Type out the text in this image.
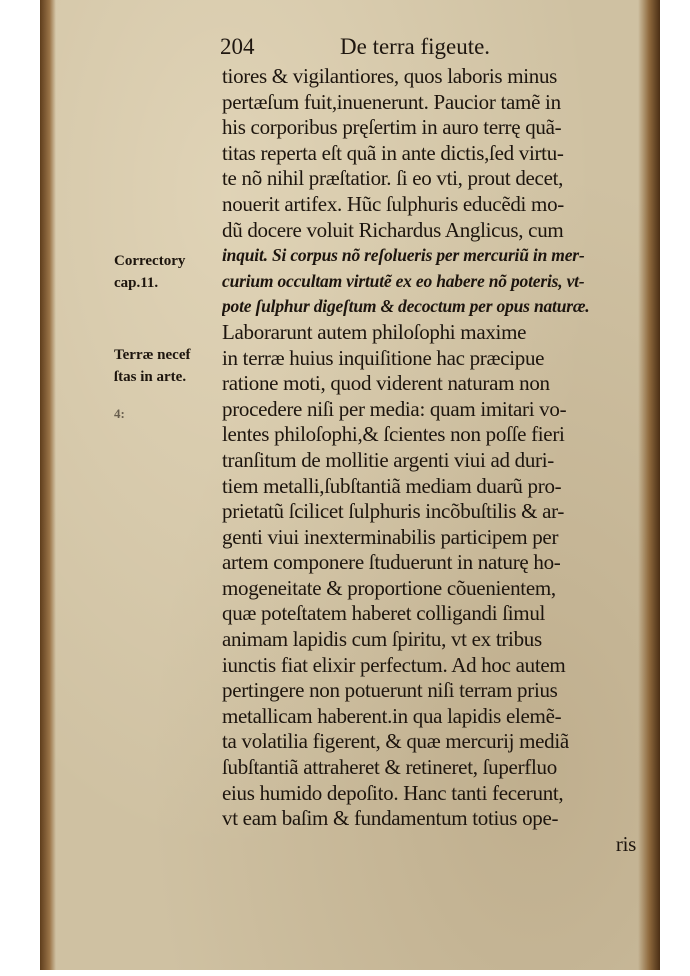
204	De terra figeute.
Correctory
cap.11.
Terræ necef
ſtas in arte.
4:
tiores & vigilantiores, quos laboris minus
pertæſum fuit,inuenerunt. Paucior tamẽ in
his corporibus pręſertim in auro terrę quã-
titas reperta eſt quã in ante dictis,ſed virtu-
te nõ nihil præſtatior. ſi eo vti, prout decet,
nouerit artifex. Hũc ſulphuris educẽdi mo-
dũ docere voluit Richardus Anglicus, cum
inquit. Si corpus nõ reſolueris per mercuriũ in mer-
curium occultam virtutẽ ex eo habere nõ poteris, vt-
pote ſulphur digeſtum & decoctum per opus naturæ.
Laborarunt autem philoſophi maxime
in terræ huius inquiſitione hac præcipue
ratione moti, quod viderent naturam non
procedere niſi per media: quam imitari vo-
lentes philoſophi,& ſcientes non poſſe fieri
tranſitum de mollitie argenti viui ad duri-
tiem metalli,ſubſtantiã mediam duarũ pro-
prietatũ ſcilicet ſulphuris incõbuſtilis & ar-
genti viui inexterminabilis participem per
artem componere ſtuduerunt in naturę ho-
mogeneitate & proportione cõuenientem,
quæ poteſtatem haberet colligandi ſimul
animam lapidis cum ſpiritu, vt ex tribus
iunctis fiat elixir perfectum. Ad hoc autem
pertingere non potuerunt niſi terram prius
metallicam haberent.in qua lapidis elemẽ-
ta volatilia figerent, & quæ mercurij mediã
ſubſtantiã attraheret & retineret, ſuperfluo
eius humido depoſito. Hanc tanti fecerunt,
vt eam baſim & fundamentum totius ope-
ris
